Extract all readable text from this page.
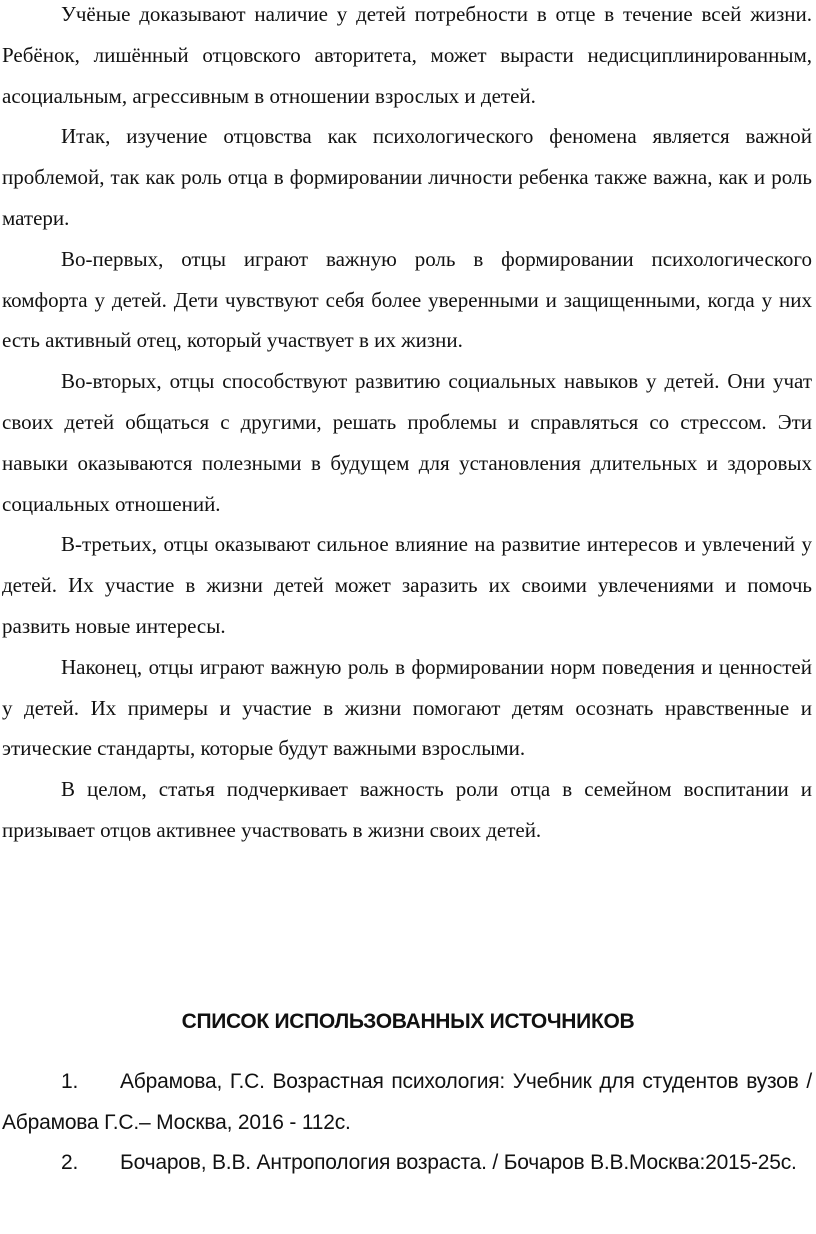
Учёные доказывают наличие у детей потребности в отце в течение всей жизни. Ребёнок, лишённый отцовского авторитета, может вырасти недисциплинированным, асоциальным, агрессивным в отношении взрослых и детей.

Итак, изучение отцовства как психологического феномена является важной проблемой, так как роль отца в формировании личности ребенка также важна, как и роль матери.

Во-первых, отцы играют важную роль в формировании психологического комфорта у детей. Дети чувствуют себя более уверенными и защищенными, когда у них есть активный отец, который участвует в их жизни.

Во-вторых, отцы способствуют развитию социальных навыков у детей. Они учат своих детей общаться с другими, решать проблемы и справляться со стрессом. Эти навыки оказываются полезными в будущем для установления длительных и здоровых социальных отношений.

В-третьих, отцы оказывают сильное влияние на развитие интересов и увлечений у детей. Их участие в жизни детей может заразить их своими увлечениями и помочь развить новые интересы.

Наконец, отцы играют важную роль в формировании норм поведения и ценностей у детей. Их примеры и участие в жизни помогают детям осознать нравственные и этические стандарты, которые будут важными взрослыми.

В целом, статья подчеркивает важность роли отца в семейном воспитании и призывает отцов активнее участвовать в жизни своих детей.

СПИСОК ИСПОЛЬЗОВАННЫХ ИСТОЧНИКОВ

1. Абрамова, Г.С. Возрастная психология: Учебник для студентов вузов / Абрамова Г.С.– Москва, 2016 - 112с.

2. Бочаров, В.В. Антропология возраста. / Бочаров В.В.Москва:2015-25с.
